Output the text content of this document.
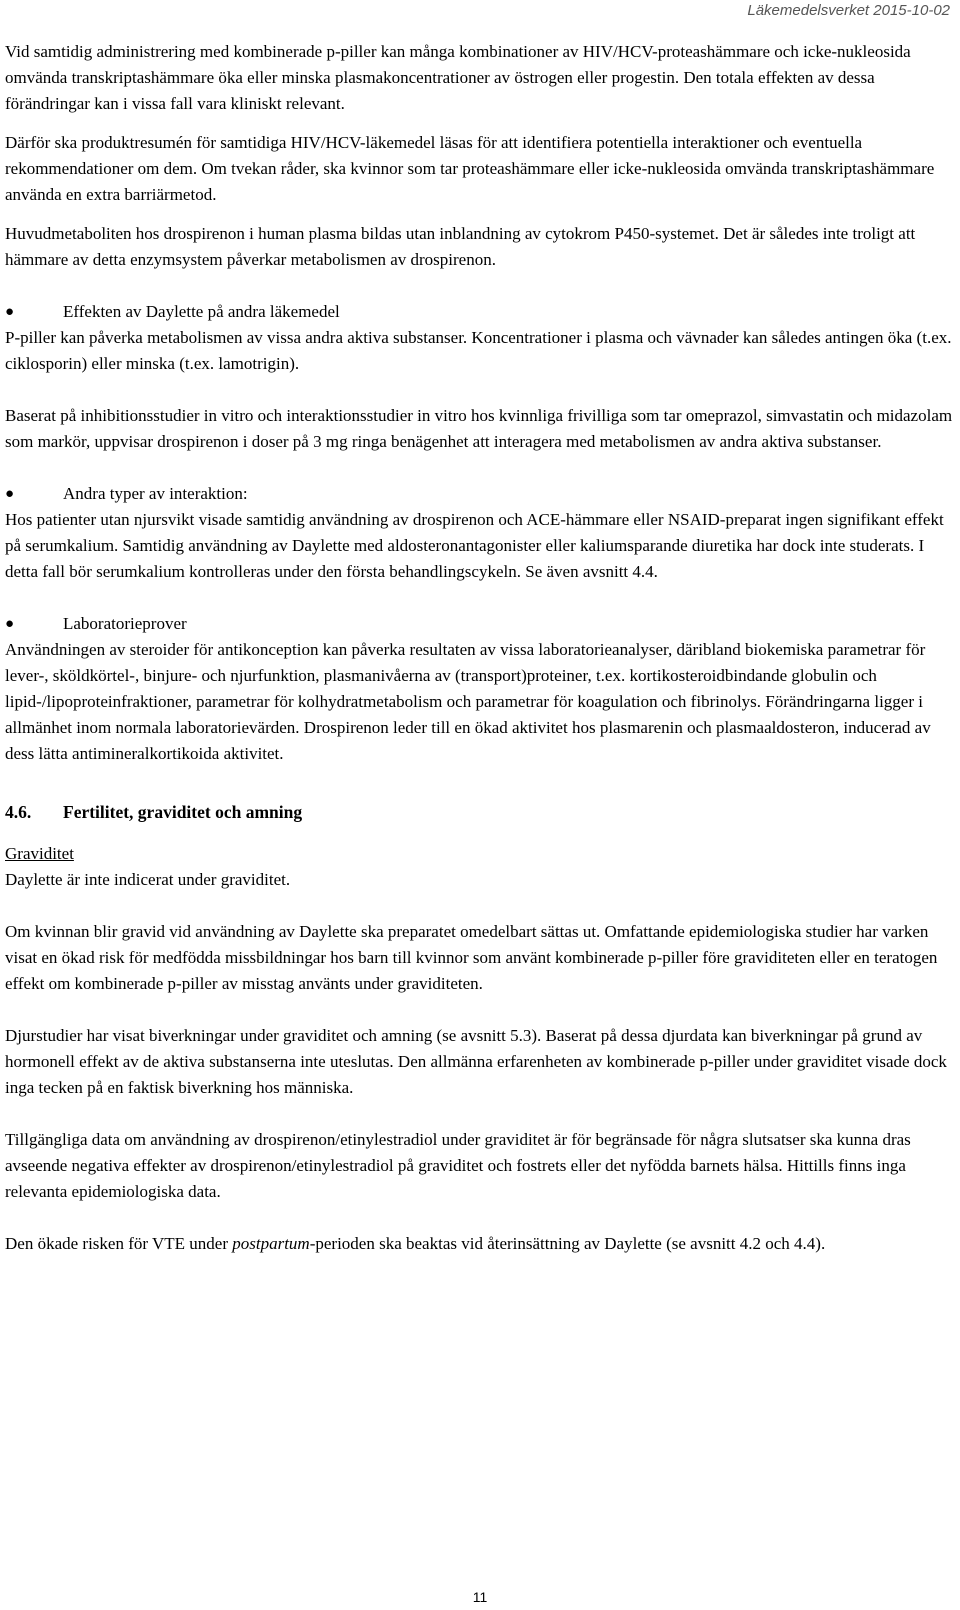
Läkemedelsverket 2015-10-02

Vid samtidig administrering med kombinerade p-piller kan många kombinationer av HIV/HCV-proteashämmare och icke-nukleosida omvända transkriptashämmare öka eller minska plasmakoncentrationer av östrogen eller progestin. Den totala effekten av dessa förändringar kan i vissa fall vara kliniskt relevant.

Därför ska produktresumén för samtidiga HIV/HCV-läkemedel läsas för att identifiera potentiella interaktioner och eventuella rekommendationer om dem. Om tvekan råder, ska kvinnor som tar proteashämmare eller icke-nukleosida omvända transkriptashämmare använda en extra barriärmetod.

Huvudmetaboliten hos drospirenon i human plasma bildas utan inblandning av cytokrom P450-systemet. Det är således inte troligt att hämmare av detta enzymsystem påverkar metabolismen av drospirenon.

●	Effekten av Daylette på andra läkemedel

P-piller kan påverka metabolismen av vissa andra aktiva substanser. Koncentrationer i plasma och vävnader kan således antingen öka (t.ex. ciklosporin) eller minska (t.ex. lamotrigin).

Baserat på inhibitionsstudier in vitro och interaktionsstudier in vitro hos kvinnliga frivilliga som tar omeprazol, simvastatin och midazolam som markör, uppvisar drospirenon i doser på 3 mg ringa benägenhet att interagera med metabolismen av andra aktiva substanser.

●	Andra typer av interaktion:

Hos patienter utan njursvikt visade samtidig användning av drospirenon och ACE-hämmare eller NSAID-preparat ingen signifikant effekt på serumkalium. Samtidig användning av Daylette med aldosteronantagonister eller kaliumsparande diuretika har dock inte studerats. I detta fall bör serumkalium kontrolleras under den första behandlingscykeln. Se även avsnitt 4.4.

●	Laboratorieprover

Användningen av steroider för antikonception kan påverka resultaten av vissa laboratorieanalyser, däribland biokemiska parametrar för lever-, sköldkörtel-, binjure- och njurfunktion, plasmanivåerna av (transport)proteiner, t.ex. kortikosteroidbindande globulin och lipid-/lipoproteinfraktioner, parametrar för kolhydratmetabolism och parametrar för koagulation och fibrinolys. Förändringarna ligger i allmänhet inom normala laboratorievärden. Drospirenon leder till en ökad aktivitet hos plasmarenin och plasmaaldosteron, inducerad av dess lätta antimineralkortikoida aktivitet.

4.6.	Fertilitet, graviditet och amning
Graviditet

Daylette är inte indicerat under graviditet.

Om kvinnan blir gravid vid användning av Daylette ska preparatet omedelbart sättas ut. Omfattande epidemiologiska studier har varken visat en ökad risk för medfödda missbildningar hos barn till kvinnor som använt kombinerade p-piller före graviditeten eller en teratogen effekt om kombinerade p-piller av misstag använts under graviditeten.

Djurstudier har visat biverkningar under graviditet och amning (se avsnitt 5.3). Baserat på dessa djurdata kan biverkningar på grund av hormonell effekt av de aktiva substanserna inte uteslutas. Den allmänna erfarenheten av kombinerade p-piller under graviditet visade dock inga tecken på en faktisk biverkning hos människa.

Tillgängliga data om användning av drospirenon/etinylestradiol under graviditet är för begränsade för några slutsatser ska kunna dras avseende negativa effekter av drospirenon/etinylestradiol på graviditet och fostrets eller det nyfödda barnets hälsa. Hittills finns inga relevanta epidemiologiska data.

Den ökade risken för VTE under postpartum-perioden ska beaktas vid återinsättning av Daylette (se avsnitt 4.2 och 4.4).

11
